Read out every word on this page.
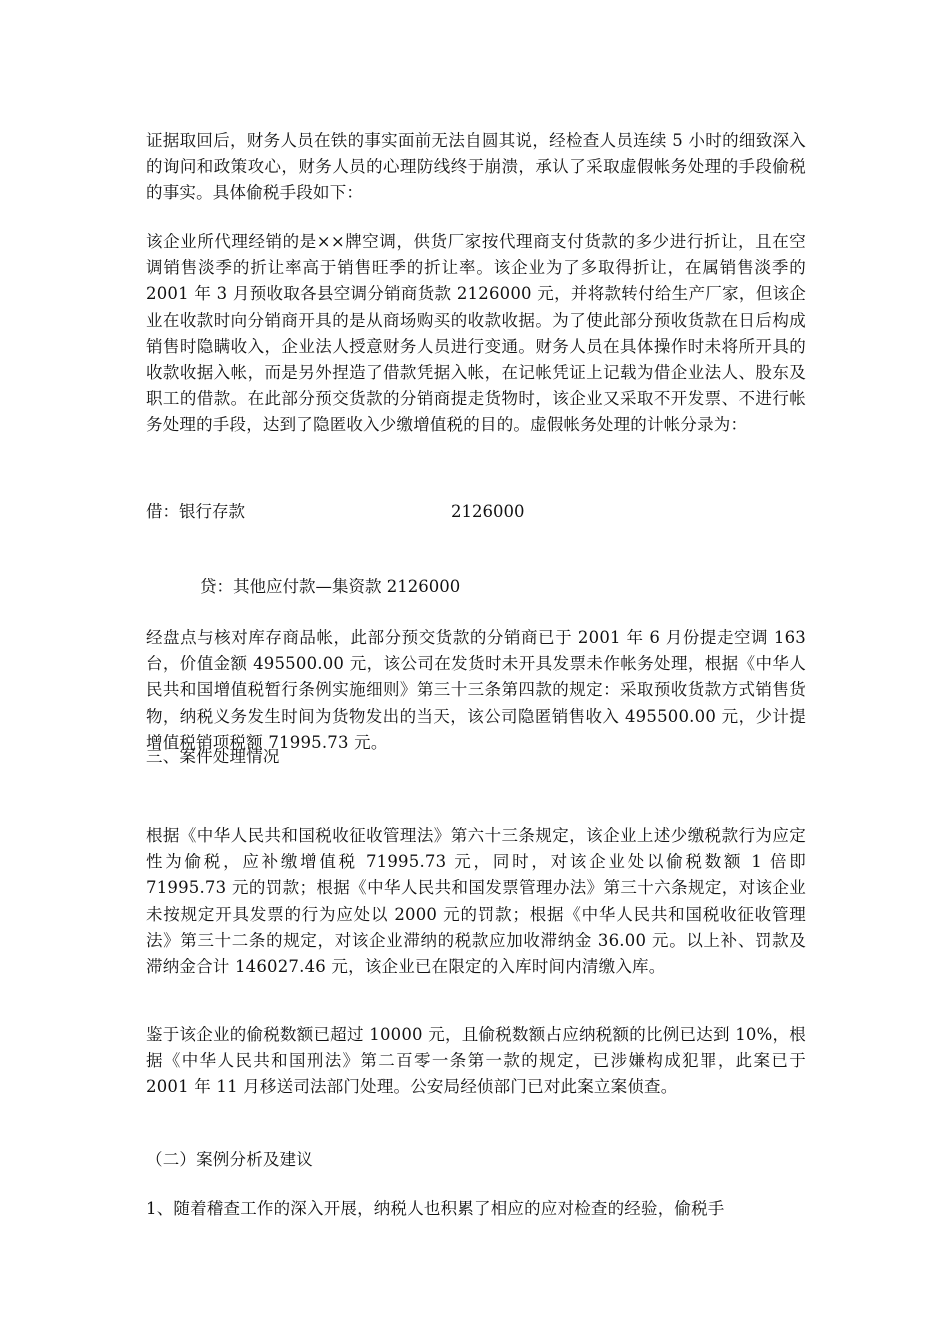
证据取回后，财务人员在铁的事实面前无法自圆其说，经检查人员连续 5 小时的细致深入的询问和政策攻心，财务人员的心理防线终于崩溃，承认了采取虚假帐务处理的手段偷税的事实。具体偷税手段如下：

该企业所代理经销的是××牌空调，供货厂家按代理商支付货款的多少进行折让，且在空调销售淡季的折让率高于销售旺季的折让率。该企业为了多取得折让，在属销售淡季的 2001 年 3 月预收取各县空调分销商货款 2126000 元，并将款转付给生产厂家，但该企业在收款时向分销商开具的是从商场购买的收款收据。为了使此部分预收货款在日后构成销售时隐瞒收入，企业法人授意财务人员进行变通。财务人员在具体操作时未将所开具的收款收据入帐，而是另外捏造了借款凭据入帐，在记帐凭证上记载为借企业法人、股东及职工的借款。在此部分预交货款的分销商提走货物时，该企业又采取不开发票、不进行帐务处理的手段，达到了隐匿收入少缴增值税的目的。虚假帐务处理的计帐分录为：

借：银行存款	2126000
贷：其他应付款—集资款 2126000

经盘点与核对库存商品帐，此部分预交货款的分销商已于 2001 年 6 月份提走空调 163 台，价值金额 495500.00 元，该公司在发货时未开具发票未作帐务处理，根据《中华人民共和国增值税暂行条例实施细则》第三十三条第四款的规定：采取预收货款方式销售货物，纳税义务发生时间为货物发出的当天，该公司隐匿销售收入 495500.00 元，少计提增值税销项税额 71995.73 元。

三、案件处理情况

根据《中华人民共和国税收征收管理法》第六十三条规定，该企业上述少缴税款行为应定性为偷税，应补缴增值税 71995.73 元，同时，对该企业处以偷税数额 1 倍即 71995.73 元的罚款；根据《中华人民共和国发票管理办法》第三十六条规定，对该企业未按规定开具发票的行为应处以 2000 元的罚款；根据《中华人民共和国税收征收管理法》第三十二条的规定，对该企业滞纳的税款应加收滞纳金 36.00 元。以上补、罚款及滞纳金合计 146027.46 元，该企业已在限定的入库时间内清缴入库。

鉴于该企业的偷税数额已超过 10000 元，且偷税数额占应纳税额的比例已达到 10%，根据《中华人民共和国刑法》第二百零一条第一款的规定，已涉嫌构成犯罪，此案已于 2001 年 11 月移送司法部门处理。公安局经侦部门已对此案立案侦查。

（二）案例分析及建议

1、随着稽查工作的深入开展，纳税人也积累了相应的应对检查的经验，偷税手
